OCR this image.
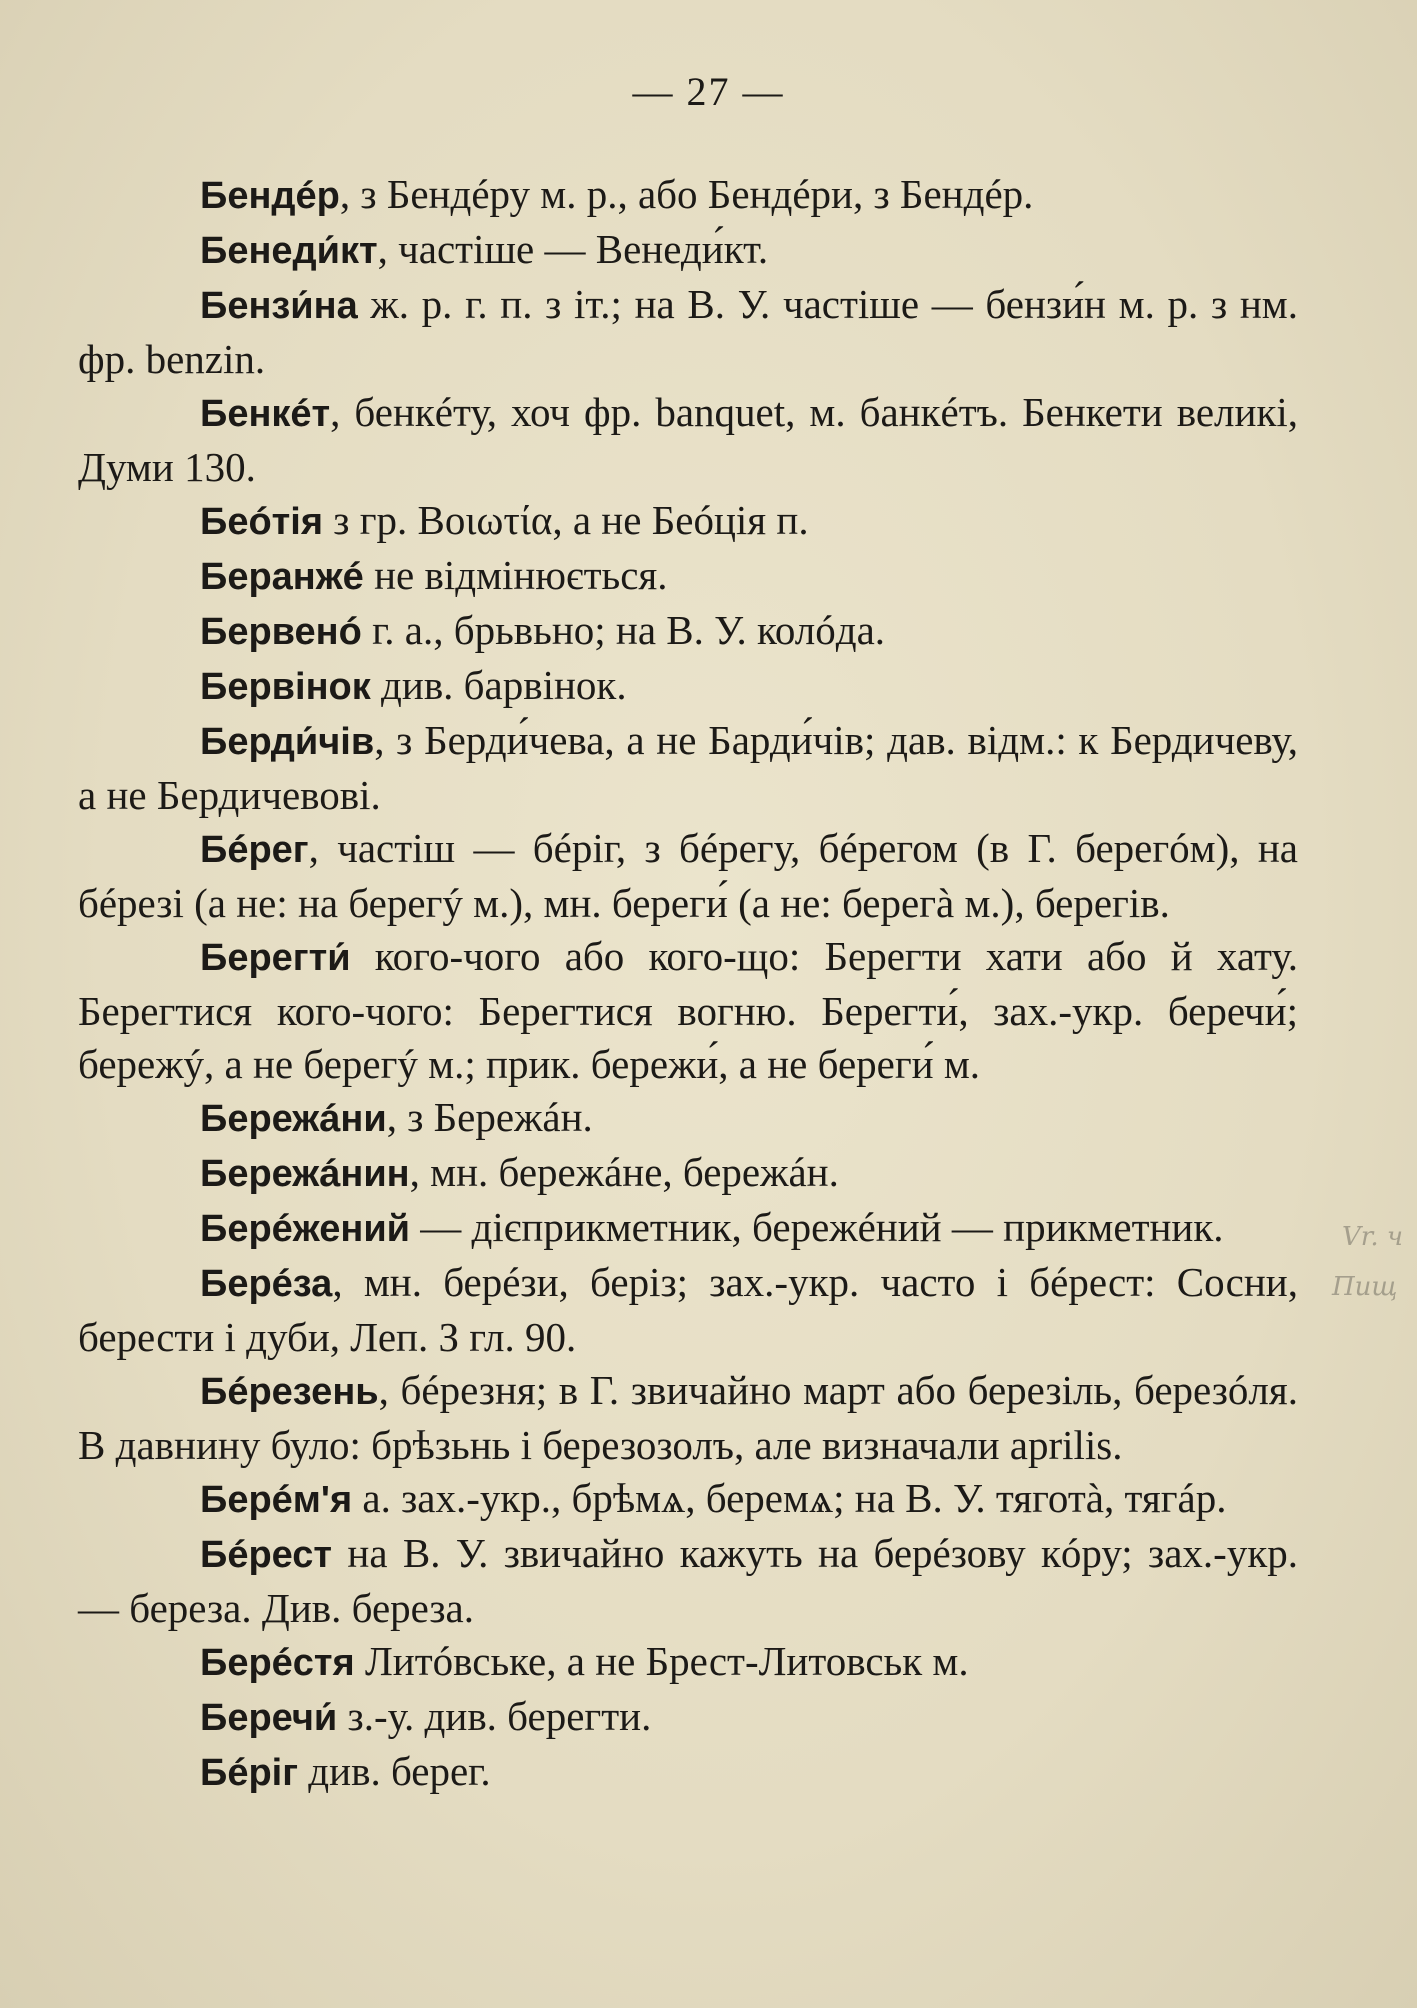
— 27 —

Бендéр, з Бендéру м. р., або Бендéри, з Бендéр.

Бенеди́кт, частіше — Венеди́кт.

Бензи́на ж. р. г. п. з іт.; на В. У. частіше — бензи́н м. р. з нм. фр. benzin.

Бенкéт, бенкéту, хоч фр. banquet, м. банкéтъ. Бенкети великі, Думи 130.

Беóтія з гр. Βοιωτία, а не Беóція п.

Беранжé не відмінюється.

Бервенó г. а., брьвьно; на В. У. колóда.

Бервінок див. барвінок.

Берди́чів, з Берди́чева, а не Барди́чів; дав. відм.: к Бердичеву, а не Бердичевові.

Бéрег, частіш — бéріг, з бéрегу, бéрегом (в Г. берегóм), на бéрезі (а не: на берегý м.), мн. береги́ (а не: берегà м.), берегів.

Берегти́ кого-чого або кого-що: Берегти хати або й хату. Берегтися кого-чого: Берегтися вогню. Берегти́, зах.-укр. беречи́; бережý, а не берегý м.; прик. бережи́, а не береги́ м.

Бережáни, з Бережáн.

Бережáнин, мн. бережáне, бережáн.

Берéжений — дієприкметник, бережéний — прикметник.

Берéза, мн. берéзи, беріз; зах.-укр. часто і бéрест: Сосни, берести і дуби, Леп. З гл. 90.

Бéрезень, бéрезня; в Г. звичайно март або березіль, березóля. В давнину було: брѣзьнь і березозолъ, але визначали aprilis.

Берéм'я а. зах.-укр., брѣмѧ, беремѧ; на В. У. тяготà, тягáр.

Бéрест на В. У. звичайно кажуть на берéзову кóру; зах.-укр. — береза. Див. береза.

Берéстя Литóвське, а не Брест-Литовськ м.

Беречи́ з.-у. див. берегти.

Бéріг див. берег.

Vr. ч
Пищ
